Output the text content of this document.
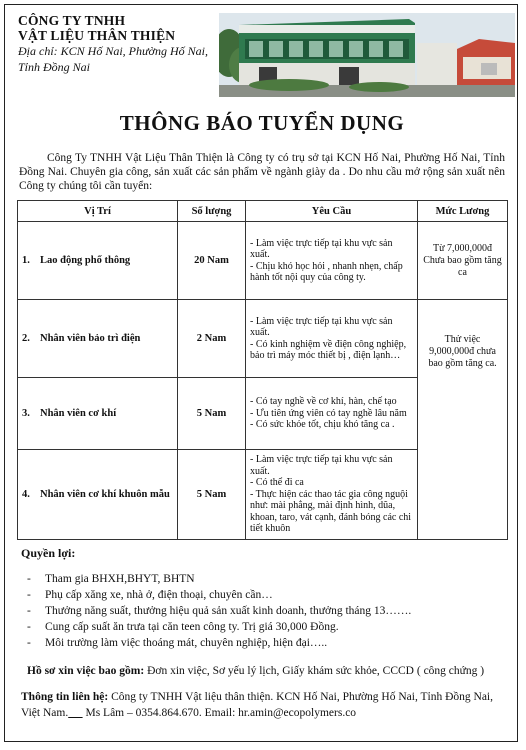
CÔNG TY TNHH
VẬT LIỆU THÂN THIỆN
Địa chỉ: KCN Hố Nai, Phường Hố Nai,
Tỉnh Đồng Nai
THÔNG BÁO TUYỂN DỤNG
Công Ty TNHH Vật Liệu Thân Thiện là Công ty có trụ sở tại KCN Hố Nai, Phường Hố Nai, Tỉnh Đồng Nai. Chuyên gia công, sản xuất các sản phẩm về ngành giày da . Do nhu cầu mở rộng sản xuất nên Công ty chúng tôi cần tuyển:
Vị Trí	Số lượng	Yêu Cầu	Mức Lương
1. Lao động phổ thông	20 Nam	- Làm việc trực tiếp tại khu vực sản xuất.
- Chịu khó học hỏi , nhanh nhẹn, chấp hành tốt nội quy của công ty.	Từ 7,000,000đ Chưa bao gồm tăng ca
2. Nhân viên bảo trì điện	2 Nam	- Làm việc trực tiếp tại khu vực sản xuất.
- Có kinh nghiệm về điện công nghiệp, bảo trì máy móc thiết bị , điện lạnh…	Thử việc 9,000,000đ chưa bao gồm tăng ca.
3. Nhân viên cơ khí	5 Nam	- Có tay nghề về cơ khí, hàn, chế tạo
- Ưu tiên ứng viên có tay nghề lâu năm
- Có sức khỏe tốt, chịu khó tăng ca .	

4. Nhân viên cơ khí khuôn mẫu	5 Nam	- Làm việc trực tiếp tại khu vực sản xuất.
- Có thể đi ca
- Thực hiện các thao tác gia công nguội như: mài phẳng, mài định hình, dũa, khoan, taro, vát cạnh, đánh bóng các chi tiết khuôn	
Quyền lợi:
- Tham gia BHXH,BHYT, BHTN
- Phụ cấp xăng xe, nhà ở, điện thoại, chuyên cần…
- Thưởng năng suất, thưởng hiệu quả sản xuất kinh doanh, thưởng tháng 13…….
- Cung cấp suất ăn trưa tại căn teen công ty. Trị giá 30,000 Đồng.
- Môi trường làm việc thoáng mát, chuyên nghiệp, hiện đại…..
Hồ sơ xin việc bao gồm: Đơn xin việc, Sơ yếu lý lịch, Giấy khám sức khỏe, CCCD ( công chứng )
Thông tin liên hệ: Công ty TNHH Vật liệu thân thiện. KCN Hố Nai, Phường Hố Nai, Tỉnh Đồng Nai, Việt Nam.      Ms Lâm – 0354.864.670. Email: hr.amin@ecopolymers.co
